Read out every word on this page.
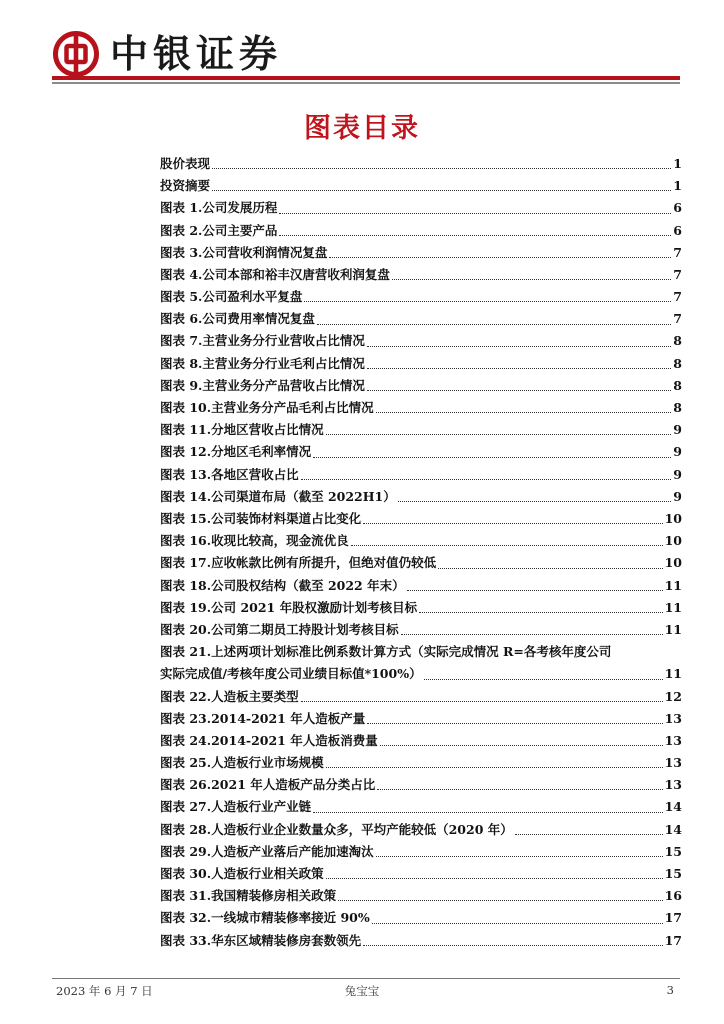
中银证券
图表目录
股价表现	1
投资摘要	1
图表 1.公司发展历程	6
图表 2.公司主要产品	6
图表 3.公司营收利润情况复盘	7
图表 4.公司本部和裕丰汉唐营收利润复盘	7
图表 5.公司盈利水平复盘	7
图表 6.公司费用率情况复盘	7
图表 7.主营业务分行业营收占比情况	8
图表 8.主营业务分行业毛利占比情况	8
图表 9.主营业务分产品营收占比情况	8
图表 10.主营业务分产品毛利占比情况	8
图表 11.分地区营收占比情况	9
图表 12.分地区毛利率情况	9
图表 13.各地区营收占比	9
图表 14.公司渠道布局（截至 2022H1）	9
图表 15.公司装饰材料渠道占比变化	10
图表 16.收现比较高，现金流优良	10
图表 17.应收帐款比例有所提升，但绝对值仍较低	10
图表 18.公司股权结构（截至 2022 年末）	11
图表 19.公司 2021 年股权激励计划考核目标	11
图表 20.公司第二期员工持股计划考核目标	11
图表 21.上述两项计划标准比例系数计算方式（实际完成情况 R=各考核年度公司
实际完成值/考核年度公司业绩目标值*100%）	11
图表 22.人造板主要类型	12
图表 23.2014-2021 年人造板产量	13
图表 24.2014-2021 年人造板消费量	13
图表 25.人造板行业市场规模	13
图表 26.2021 年人造板产品分类占比	13
图表 27.人造板行业产业链	14
图表 28.人造板行业企业数量众多，平均产能较低（2020 年）	14
图表 29.人造板产业落后产能加速淘汰	15
图表 30.人造板行业相关政策	15
图表 31.我国精装修房相关政策	16
图表 32.一线城市精装修率接近 90%	17
图表 33.华东区域精装修房套数领先	17
2023 年 6 月 7 日	兔宝宝	3
